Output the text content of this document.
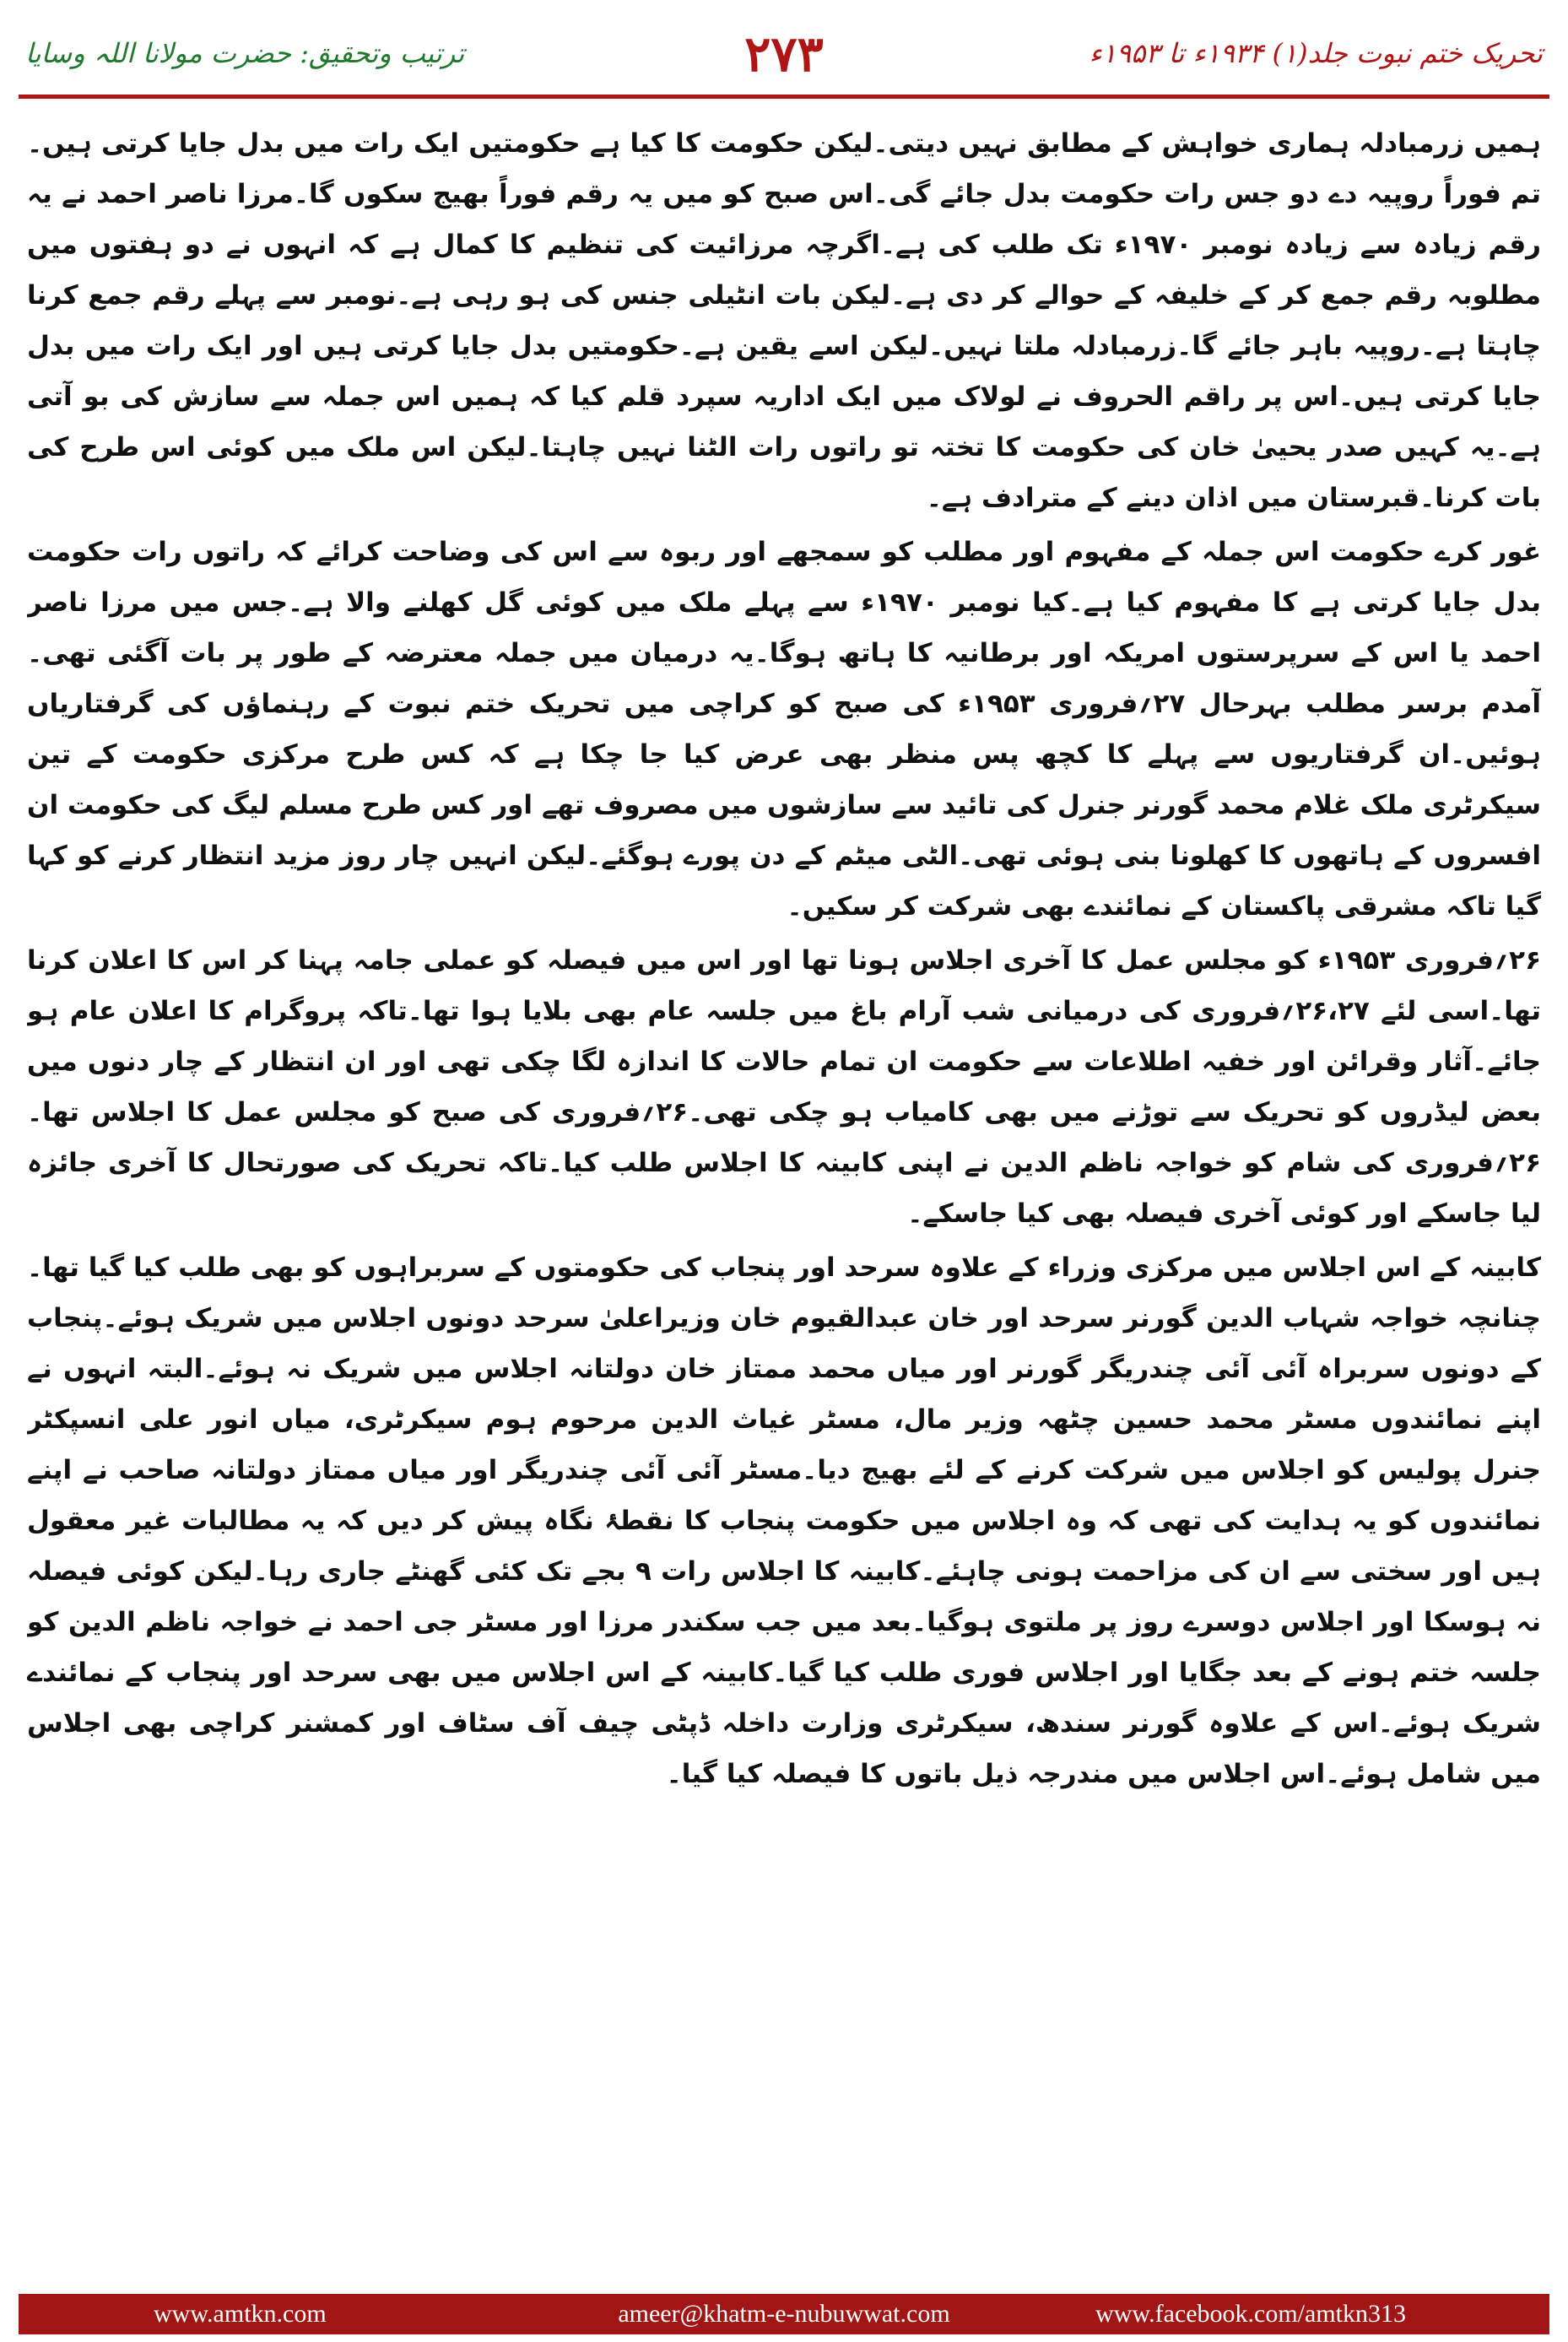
ترتیب وتحقیق: حضرت مولانا اللہ وسایا	۲۷۳	تحریک ختم نبوت جلد(۱) ۱۹۳۴ء تا ۱۹۵۳ء

ہمیں زرمبادلہ ہماری خواہش کے مطابق نہیں دیتی۔لیکن حکومت کا کیا ہے حکومتیں ایک رات میں بدل جایا کرتی ہیں۔تم فوراً روپیہ دے دو جس رات حکومت بدل جائے گی۔اس صبح کو میں یہ رقم فوراً بھیج سکوں گا۔مرزا ناصر احمد نے یہ رقم زیادہ سے زیادہ نومبر ۱۹۷۰ء تک طلب کی ہے۔اگرچہ مرزائیت کی تنظیم کا کمال ہے کہ انہوں نے دو ہفتوں میں مطلوبہ رقم جمع کر کے خلیفہ کے حوالے کر دی ہے۔لیکن بات انٹیلی جنس کی ہو رہی ہے۔نومبر سے پہلے رقم جمع کرنا چاہتا ہے۔روپیہ باہر جائے گا۔زرمبادلہ ملتا نہیں۔لیکن اسے یقین ہے۔حکومتیں بدل جایا کرتی ہیں اور ایک رات میں بدل جایا کرتی ہیں۔اس پر راقم الحروف نے لولاک میں ایک اداریہ سپرد قلم کیا کہ ہمیں اس جملہ سے سازش کی بو آتی ہے۔یہ کہیں صدر یحییٰ خان کی حکومت کا تختہ تو راتوں رات الٹنا نہیں چاہتا۔لیکن اس ملک میں کوئی اس طرح کی بات کرنا۔قبرستان میں اذان دینے کے مترادف ہے۔

غور کرے حکومت اس جملہ کے مفہوم اور مطلب کو سمجھے اور ربوہ سے اس کی وضاحت کرائے کہ راتوں رات حکومت بدل جایا کرتی ہے کا مفہوم کیا ہے۔کیا نومبر ۱۹۷۰ء سے پہلے ملک میں کوئی گل کھلنے والا ہے۔جس میں مرزا ناصر احمد یا اس کے سرپرستوں امریکہ اور برطانیہ کا ہاتھ ہوگا۔یہ درمیان میں جملہ معترضہ کے طور پر بات آگئی تھی۔آمدم برسر مطلب بہرحال ۲۷؍فروری ۱۹۵۳ء کی صبح کو کراچی میں تحریک ختم نبوت کے رہنماؤں کی گرفتاریاں ہوئیں۔ان گرفتاریوں سے پہلے کا کچھ پس منظر بھی عرض کیا جا چکا ہے کہ کس طرح مرکزی حکومت کے تین سیکرٹری ملک غلام محمد گورنر جنرل کی تائید سے سازشوں میں مصروف تھے اور کس طرح مسلم لیگ کی حکومت ان افسروں کے ہاتھوں کا کھلونا بنی ہوئی تھی۔الٹی میٹم کے دن پورے ہوگئے۔لیکن انہیں چار روز مزید انتظار کرنے کو کہا گیا تاکہ مشرقی پاکستان کے نمائندے بھی شرکت کر سکیں۔

۲۶؍فروری ۱۹۵۳ء کو مجلس عمل کا آخری اجلاس ہونا تھا اور اس میں فیصلہ کو عملی جامہ پہنا کر اس کا اعلان کرنا تھا۔اسی لئے ۲۶،۲۷؍فروری کی درمیانی شب آرام باغ میں جلسہ عام بھی بلایا ہوا تھا۔تاکہ پروگرام کا اعلان عام ہو جائے۔آثار وقرائن اور خفیہ اطلاعات سے حکومت ان تمام حالات کا اندازہ لگا چکی تھی اور ان انتظار کے چار دنوں میں بعض لیڈروں کو تحریک سے توڑنے میں بھی کامیاب ہو چکی تھی۔۲۶؍فروری کی صبح کو مجلس عمل کا اجلاس تھا۔۲۶؍فروری کی شام کو خواجہ ناظم الدین نے اپنی کابینہ کا اجلاس طلب کیا۔تاکہ تحریک کی صورتحال کا آخری جائزہ لیا جاسکے اور کوئی آخری فیصلہ بھی کیا جاسکے۔

کابینہ کے اس اجلاس میں مرکزی وزراء کے علاوہ سرحد اور پنجاب کی حکومتوں کے سربراہوں کو بھی طلب کیا گیا تھا۔چنانچہ خواجہ شہاب الدین گورنر سرحد اور خان عبدالقیوم خان وزیراعلیٰ سرحد دونوں اجلاس میں شریک ہوئے۔پنجاب کے دونوں سربراہ آئی آئی چندریگر گورنر اور میاں محمد ممتاز خان دولتانہ اجلاس میں شریک نہ ہوئے۔البتہ انہوں نے اپنے نمائندوں مسٹر محمد حسین چٹھہ وزیر مال، مسٹر غیاث الدین مرحوم ہوم سیکرٹری، میاں انور علی انسپکٹر جنرل پولیس کو اجلاس میں شرکت کرنے کے لئے بھیج دیا۔مسٹر آئی آئی چندریگر اور میاں ممتاز دولتانہ صاحب نے اپنے نمائندوں کو یہ ہدایت کی تھی کہ وہ اجلاس میں حکومت پنجاب کا نقطۂ نگاہ پیش کر دیں کہ یہ مطالبات غیر معقول ہیں اور سختی سے ان کی مزاحمت ہونی چاہئے۔کابینہ کا اجلاس رات ۹ بجے تک کئی گھنٹے جاری رہا۔لیکن کوئی فیصلہ نہ ہوسکا اور اجلاس دوسرے روز پر ملتوی ہوگیا۔بعد میں جب سکندر مرزا اور مسٹر جی احمد نے خواجہ ناظم الدین کو جلسہ ختم ہونے کے بعد جگایا اور اجلاس فوری طلب کیا گیا۔کابینہ کے اس اجلاس میں بھی سرحد اور پنجاب کے نمائندے شریک ہوئے۔اس کے علاوہ گورنر سندھ، سیکرٹری وزارت داخلہ ڈپٹی چیف آف سٹاف اور کمشنر کراچی بھی اجلاس میں شامل ہوئے۔اس اجلاس میں مندرجہ ذیل باتوں کا فیصلہ کیا گیا۔

www.amtkn.com	ameer@khatm-e-nubuwwat.com	www.facebook.com/amtkn313
